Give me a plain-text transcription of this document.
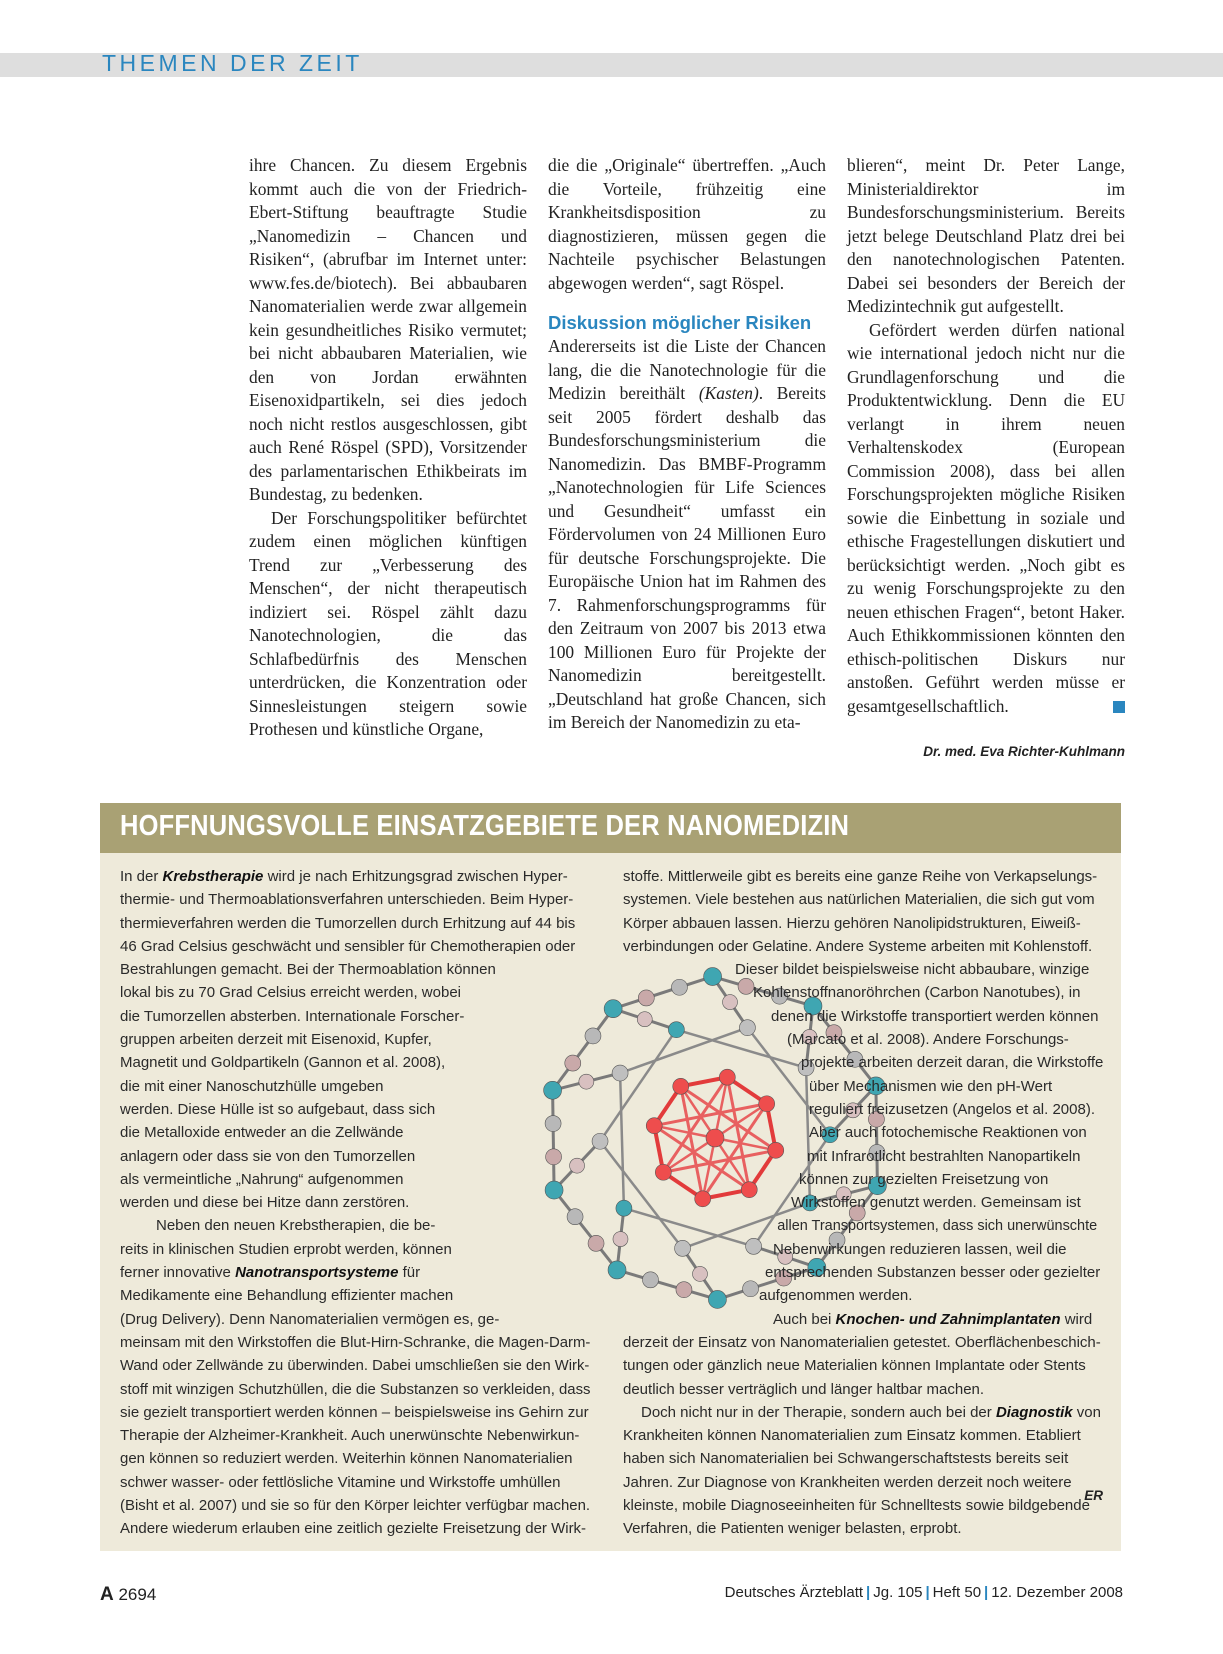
THEMEN DER ZEIT

ihre Chancen. Zu diesem Ergebnis kommt auch die von der Friedrich-Ebert-Stiftung beauftragte Studie „Nanomedizin – Chancen und Risiken“, (abrufbar im Internet unter: www.fes.de/biotech). Bei abbaubaren Nanomaterialien werde zwar allgemein kein gesundheitliches Risiko vermutet; bei nicht abbaubaren Materialien, wie den von Jordan erwähnten Eisenoxidpartikeln, sei dies jedoch noch nicht restlos ausgeschlossen, gibt auch René Röspel (SPD), Vorsitzender des parlamentarischen Ethikbeirats im Bundestag, zu bedenken.

Der Forschungspolitiker befürchtet zudem einen möglichen künftigen Trend zur „Verbesserung des Menschen“, der nicht therapeutisch indiziert sei. Röspel zählt dazu Nanotechnologien, die das Schlafbedürfnis des Menschen unterdrücken, die Konzentration oder Sinnesleistungen steigern sowie Prothesen und künstliche Organe,

die die „Originale“ übertreffen. „Auch die Vorteile, frühzeitig eine Krankheitsdisposition zu diagnostizieren, müssen gegen die Nachteile psychischer Belastungen abgewogen werden“, sagt Röspel.

Diskussion möglicher Risiken

Andererseits ist die Liste der Chancen lang, die die Nanotechnologie für die Medizin bereithält (Kasten). Bereits seit 2005 fördert deshalb das Bundesforschungsministerium die Nanomedizin. Das BMBF-Programm „Nanotechnologien für Life Sciences und Gesundheit“ umfasst ein Fördervolumen von 24 Millionen Euro für deutsche Forschungsprojekte. Die Europäische Union hat im Rahmen des 7. Rahmenforschungsprogramms für den Zeitraum von 2007 bis 2013 etwa 100 Millionen Euro für Projekte der Nanomedizin bereitgestellt. „Deutschland hat große Chancen, sich im Bereich der Nanomedizin zu eta-

blieren“, meint Dr. Peter Lange, Ministerialdirektor im Bundesforschungsministerium. Bereits jetzt belege Deutschland Platz drei bei den nanotechnologischen Patenten. Dabei sei besonders der Bereich der Medizintechnik gut aufgestellt.

Gefördert werden dürfen national wie international jedoch nicht nur die Grundlagenforschung und die Produktentwicklung. Denn die EU verlangt in ihrem neuen Verhaltenskodex (European Commission 2008), dass bei allen Forschungsprojekten mögliche Risiken sowie die Einbettung in soziale und ethische Fragestellungen diskutiert und berücksichtigt werden. „Noch gibt es zu wenig Forschungsprojekte zu den neuen ethischen Fragen“, betont Haker. Auch Ethikkommissionen könnten den ethisch-politischen Diskurs nur anstoßen. Geführt werden müsse er gesamtgesellschaftlich.

Dr. med. Eva Richter-Kuhlmann
HOFFNUNGSVOLLE EINSATZGEBIETE DER NANOMEDIZIN
In der Krebstherapie wird je nach Erhitzungsgrad zwischen Hyper-
thermie- und Thermoablationsverfahren unterschieden. Beim Hyper-
thermieverfahren werden die Tumorzellen durch Erhitzung auf 44 bis
46 Grad Celsius geschwächt und sensibler für Chemotherapien oder
Bestrahlungen gemacht. Bei der Thermoablation können
lokal bis zu 70 Grad Celsius erreicht werden, wobei
die Tumorzellen absterben. Internationale Forscher-
gruppen arbeiten derzeit mit Eisenoxid, Kupfer,
Magnetit und Goldpartikeln (Gannon et al. 2008),
die mit einer Nanoschutzhülle umgeben
werden. Diese Hülle ist so aufgebaut, dass sich
die Metalloxide entweder an die Zellwände
anlagern oder dass sie von den Tumorzellen
als vermeintliche „Nahrung“ aufgenommen
werden und diese bei Hitze dann zerstören.
Neben den neuen Krebstherapien, die be-
reits in klinischen Studien erprobt werden, können
ferner innovative Nanotransportsysteme für
Medikamente eine Behandlung effizienter machen
(Drug Delivery). Denn Nanomaterialien vermögen es, ge-
meinsam mit den Wirkstoffen die Blut-Hirn-Schranke, die Magen-Darm-
Wand oder Zellwände zu überwinden. Dabei umschließen sie den Wirk-
stoff mit winzigen Schutzhüllen, die die Substanzen so verkleiden, dass
sie gezielt transportiert werden können – beispielsweise ins Gehirn zur
Therapie der Alzheimer-Krankheit. Auch unerwünschte Nebenwirkun-
gen können so reduziert werden. Weiterhin können Nanomaterialien
schwer wasser- oder fettlösliche Vitamine und Wirkstoffe umhüllen
(Bisht et al. 2007) und sie so für den Körper leichter verfügbar machen.
Andere wiederum erlauben eine zeitlich gezielte Freisetzung der Wirk-
stoffe. Mittlerweile gibt es bereits eine ganze Reihe von Verkapselungs-
systemen. Viele bestehen aus natürlichen Materialien, die sich gut vom
Körper abbauen lassen. Hierzu gehören Nanolipidstrukturen, Eiweiß-
verbindungen oder Gelatine. Andere Systeme arbeiten mit Kohlenstoff.
Dieser bildet beispielsweise nicht abbaubare, winzige
Kohlenstoffnanoröhrchen (Carbon Nanotubes), in
denen die Wirkstoffe transportiert werden können
(Marcato et al. 2008). Andere Forschungs-
projekte arbeiten derzeit daran, die Wirkstoffe
über Mechanismen wie den pH-Wert
reguliert freizusetzen (Angelos et al. 2008).
Aber auch fotochemische Reaktionen von
mit Infrarotlicht bestrahlten Nanopartikeln
können zur gezielten Freisetzung von
Wirkstoffen genutzt werden. Gemeinsam ist
allen Transportsystemen, dass sich unerwünschte
Nebenwirkungen reduzieren lassen, weil die
entsprechenden Substanzen besser oder gezielter
aufgenommen werden.
Auch bei Knochen- und Zahnimplantaten wird
derzeit der Einsatz von Nanomaterialien getestet. Oberflächenbeschich-
tungen oder gänzlich neue Materialien können Implantate oder Stents
deutlich besser verträglich und länger haltbar machen.
Doch nicht nur in der Therapie, sondern auch bei der Diagnostik von
Krankheiten können Nanomaterialien zum Einsatz kommen. Etabliert
haben sich Nanomaterialien bei Schwangerschaftstests bereits seit
Jahren. Zur Diagnose von Krankheiten werden derzeit noch weitere
kleinste, mobile Diagnoseeinheiten für Schnelltests sowie bildgebende
Verfahren, die Patienten weniger belasten, erprobt.
ER
A 2694	Deutsches Ärzteblatt | Jg. 105 | Heft 50 | 12. Dezember 2008
